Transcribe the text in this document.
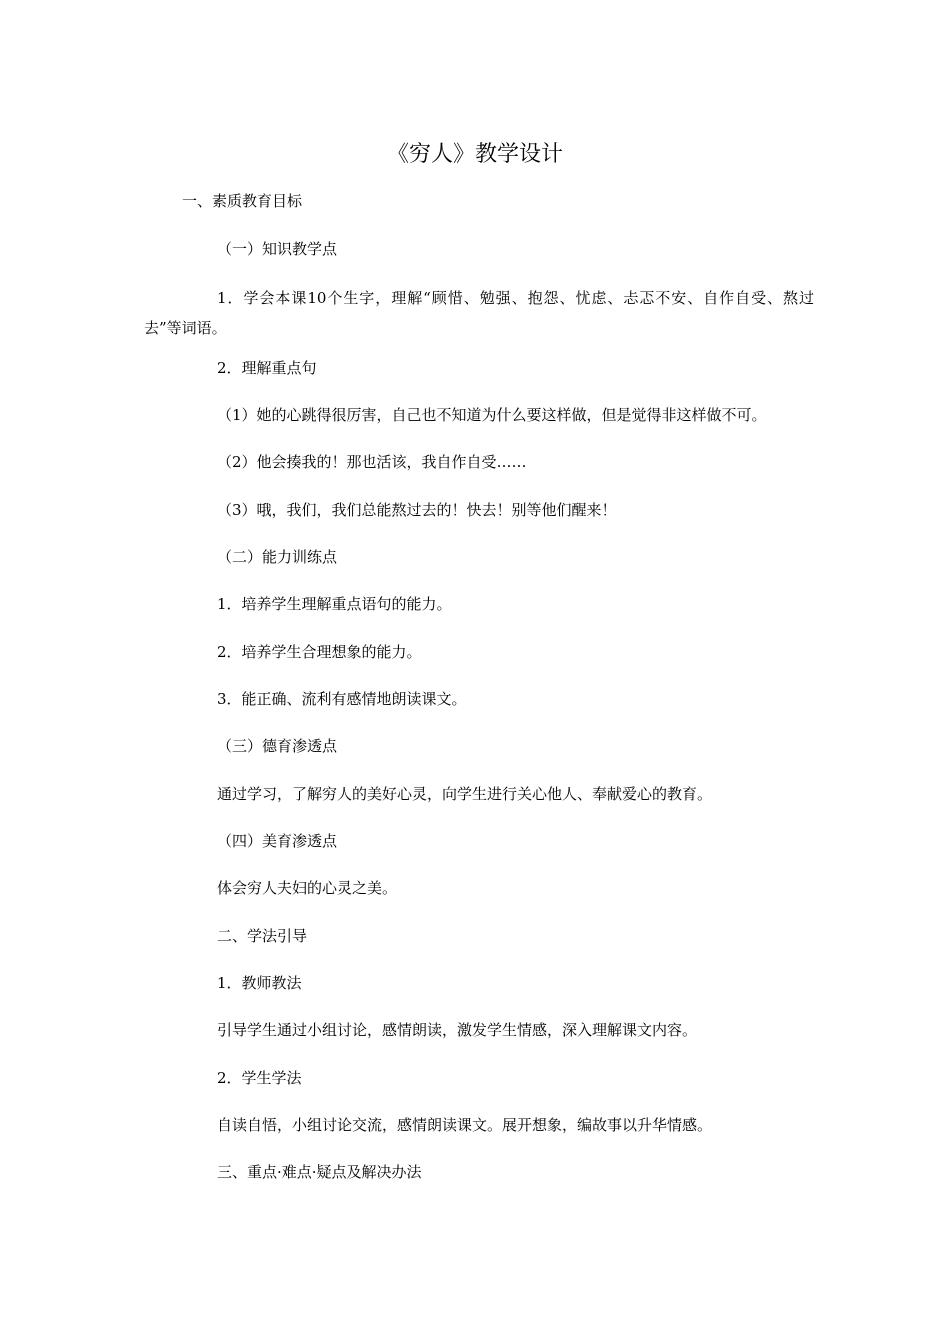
《穷人》教学设计
一、素质教育目标
（一）知识教学点
1．学会本课10个生字，理解“顾惜、勉强、抱怨、忧虑、忐忑不安、自作自受、熬过去”等词语。
2．理解重点句
（1）她的心跳得很厉害，自己也不知道为什么要这样做，但是觉得非这样做不可。
（2）他会揍我的！那也活该，我自作自受……
（3）哦，我们，我们总能熬过去的！快去！别等他们醒来！
（二）能力训练点
1．培养学生理解重点语句的能力。
2．培养学生合理想象的能力。
3．能正确、流利有感情地朗读课文。
（三）德育渗透点
通过学习，了解穷人的美好心灵，向学生进行关心他人、奉献爱心的教育。
（四）美育渗透点
体会穷人夫妇的心灵之美。
二、学法引导
1．教师教法
引导学生通过小组讨论，感情朗读，激发学生情感，深入理解课文内容。
2．学生学法
自读自悟，小组讨论交流，感情朗读课文。展开想象，编故事以升华情感。
三、重点·难点·疑点及解决办法
